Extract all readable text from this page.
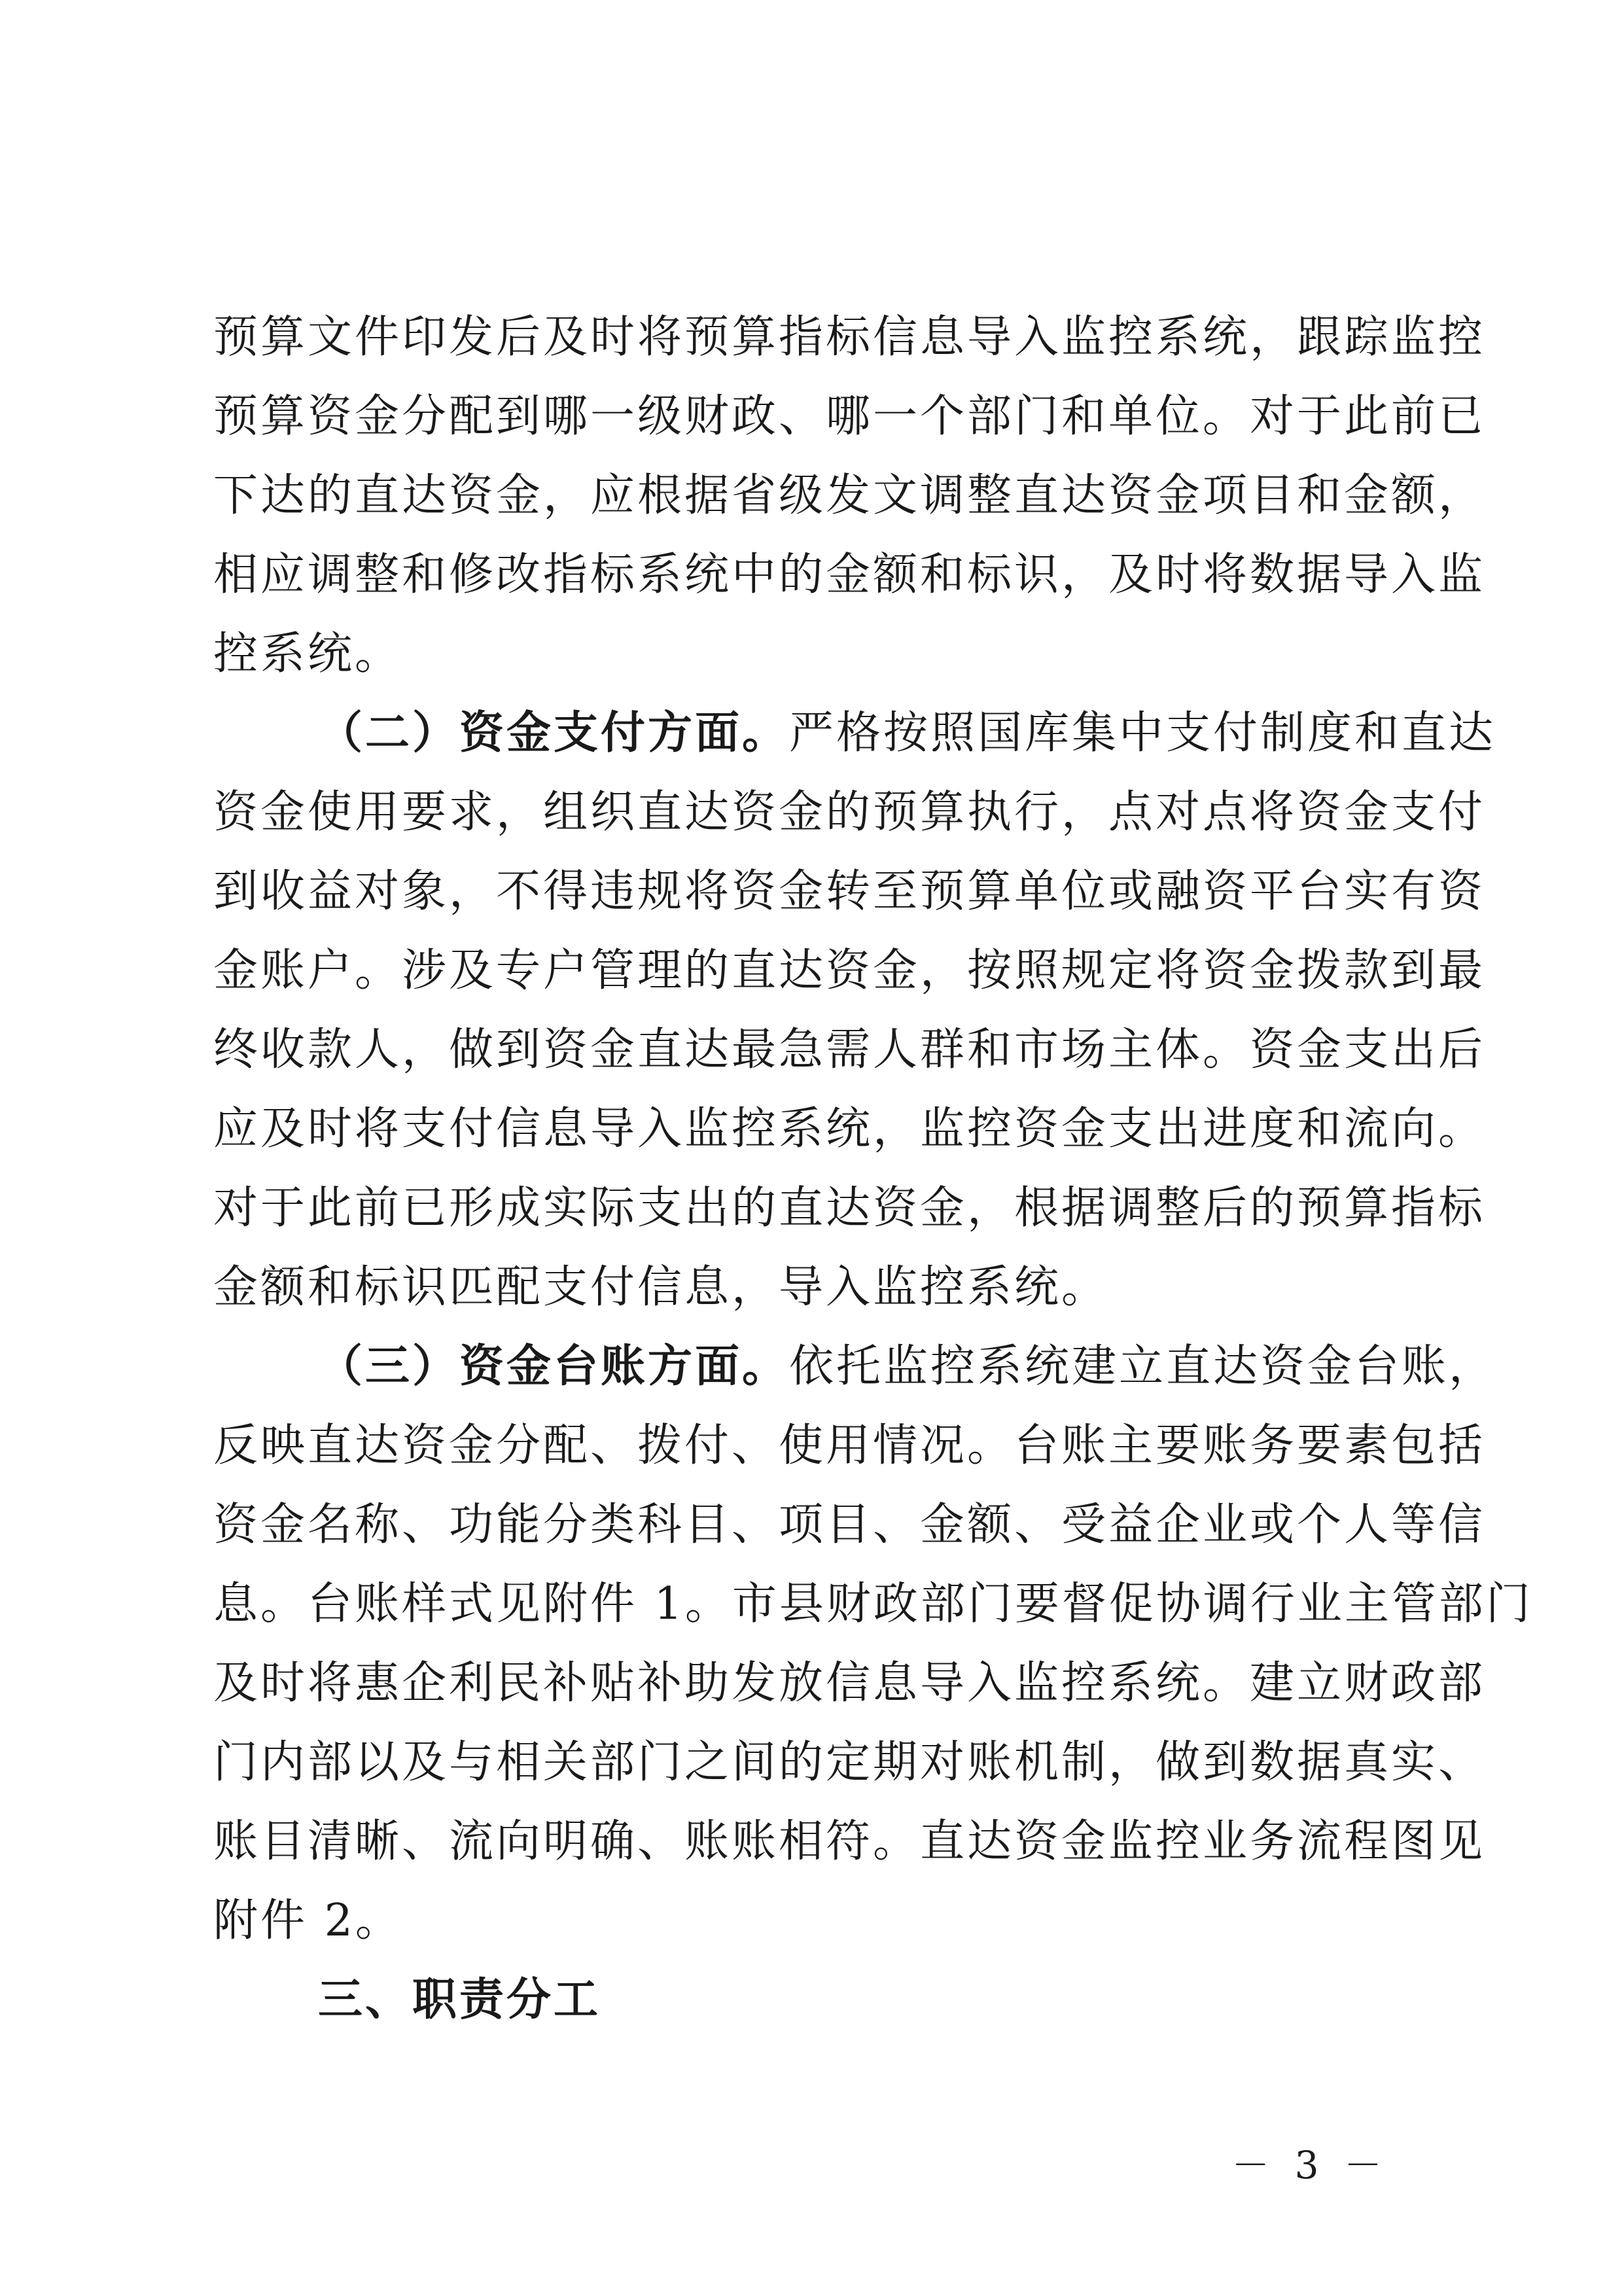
预算文件印发后及时将预算指标信息导入监控系统，跟踪监控
预算资金分配到哪一级财政、哪一个部门和单位。对于此前已
下达的直达资金，应根据省级发文调整直达资金项目和金额，
相应调整和修改指标系统中的金额和标识，及时将数据导入监
控系统。
（二）资金支付方面。严格按照国库集中支付制度和直达
资金使用要求，组织直达资金的预算执行，点对点将资金支付
到收益对象，不得违规将资金转至预算单位或融资平台实有资
金账户。涉及专户管理的直达资金，按照规定将资金拨款到最
终收款人，做到资金直达最急需人群和市场主体。资金支出后
应及时将支付信息导入监控系统，监控资金支出进度和流向。
对于此前已形成实际支出的直达资金，根据调整后的预算指标
金额和标识匹配支付信息，导入监控系统。
（三）资金台账方面。依托监控系统建立直达资金台账，
反映直达资金分配、拨付、使用情况。台账主要账务要素包括
资金名称、功能分类科目、项目、金额、受益企业或个人等信
息。台账样式见附件 1。市县财政部门要督促协调行业主管部门
及时将惠企利民补贴补助发放信息导入监控系统。建立财政部
门内部以及与相关部门之间的定期对账机制，做到数据真实、
账目清晰、流向明确、账账相符。直达资金监控业务流程图见
附件 2。
三、职责分工
－ 3 －
